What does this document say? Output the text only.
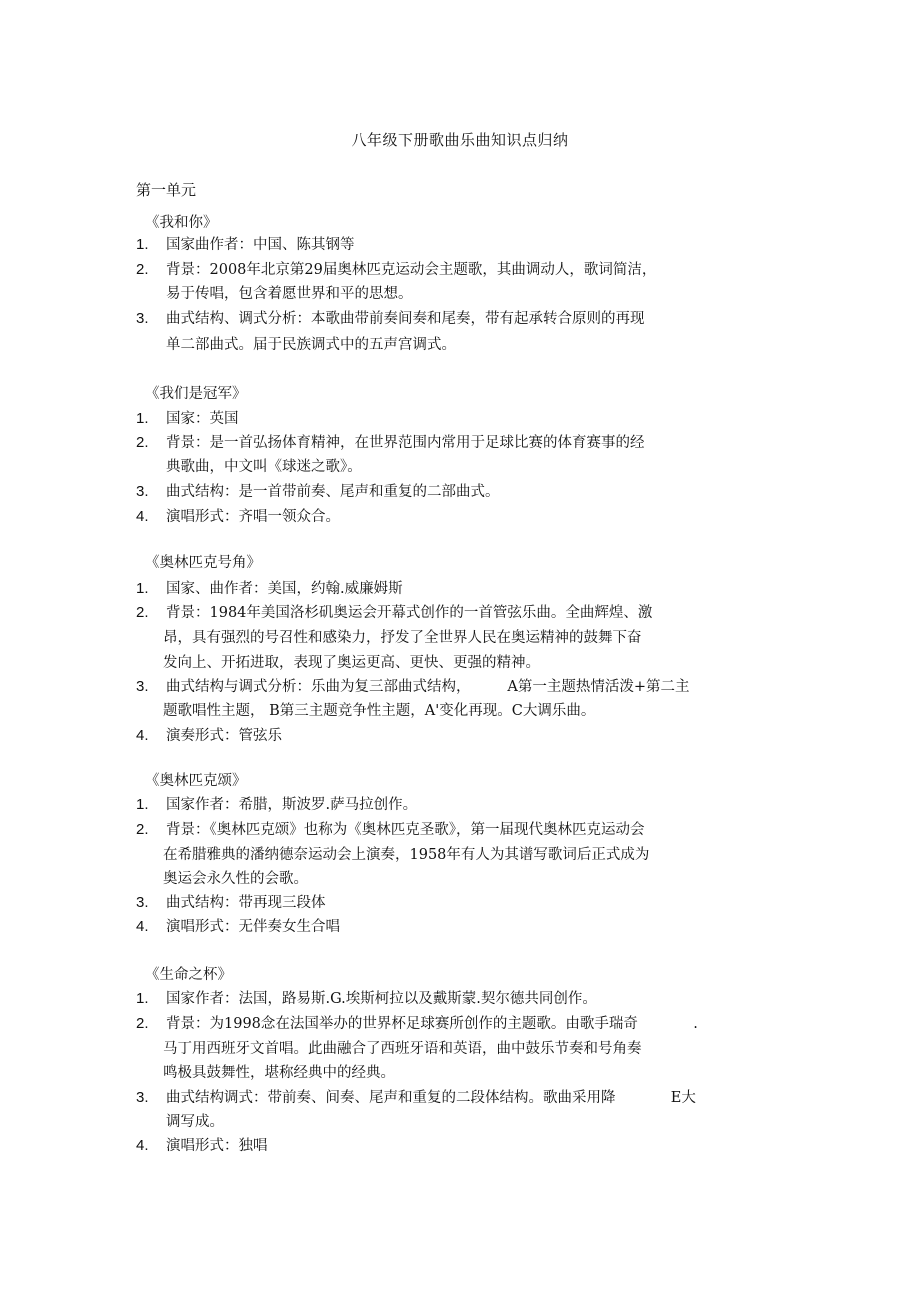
八年级下册歌曲乐曲知识点归纳
第一单元
《我和你》
1. 国家曲作者：中国、陈其钢等
2. 背景：2008年北京第29届奥林匹克运动会主题歌，其曲调动人，歌词简洁，
易于传唱，包含着愿世界和平的思想。
3. 曲式结构、调式分析：本歌曲带前奏间奏和尾奏，带有起承转合原则的再现
单二部曲式。届于民族调式中的五声宫调式。
《我们是冠军》
1. 国家：英国
2. 背景：是一首弘扬体育精神，在世界范围内常用于足球比赛的体育赛事的经
典歌曲，中文叫《球迷之歌》。
3. 曲式结构：是一首带前奏、尾声和重复的二部曲式。
4. 演唱形式：齐唱一领众合。
《奥林匹克号角》
1. 国家、曲作者：美国，约翰.威廉姆斯
2. 背景：1984年美国洛杉矶奥运会开幕式创作的一首管弦乐曲。全曲辉煌、激
昂，具有强烈的号召性和感染力，抒发了全世界人民在奥运精神的鼓舞下奋
发向上、开拓进取，表现了奥运更高、更快、更强的精神。
3. 曲式结构与调式分析：乐曲为复三部曲式结构，        A第一主题热情活泼+第二主
题歌唱性主题， B第三主题竞争性主题，A'变化再现。C大调乐曲。
4. 演奏形式：管弦乐
《奥林匹克颂》
1. 国家作者：希腊，斯波罗.萨马拉创作。
2. 背景：《奥林匹克颂》也称为《奥林匹克圣歌》，第一届现代奥林匹克运动会
在希腊雅典的潘纳德奈运动会上演奏，1958年有人为其谱写歌词后正式成为
奥运会永久性的会歌。
3. 曲式结构：带再现三段体
4. 演唱形式：无伴奏女生合唱
《生命之杯》
1. 国家作者：法国，路易斯.G.埃斯柯拉以及戴斯蒙.契尔德共同创作。
2. 背景：为1998念在法国举办的世界杯足球赛所创作的主题歌。由歌手瑞奇            .
马丁用西班牙文首唱。此曲融合了西班牙语和英语，曲中鼓乐节奏和号角奏
鸣极具鼓舞性，堪称经典中的经典。
3. 曲式结构调式：带前奏、间奏、尾声和重复的二段体结构。歌曲采用降            E大
调写成。
4. 演唱形式：独唱
